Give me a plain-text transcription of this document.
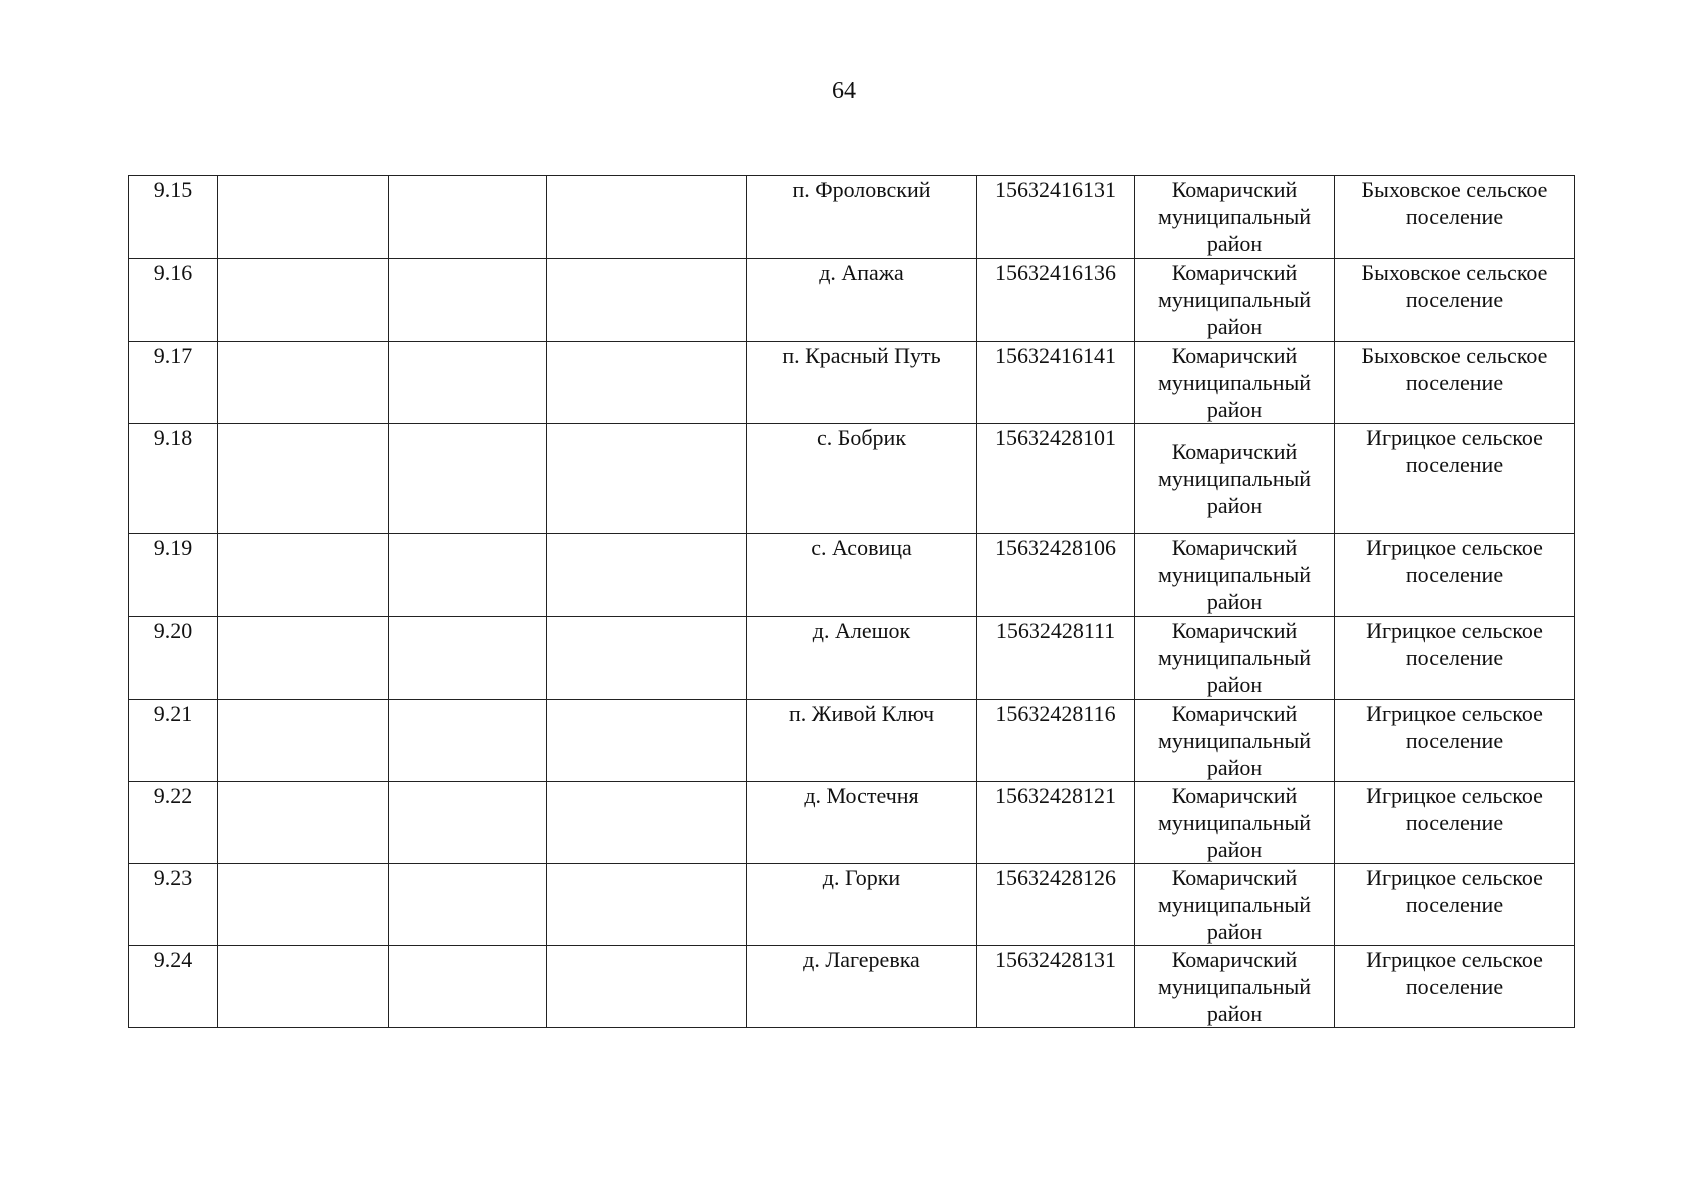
64
9.15				п. Фроловский	15632416131	Комаричский муниципальный район	Быховское сельское поселение
9.16				д. Апажа	15632416136	Комаричский муниципальный район	Быховское сельское поселение
9.17				п. Красный Путь	15632416141	Комаричский муниципальный район	Быховское сельское поселение
9.18				с. Бобрик	15632428101	Комаричский муниципальный район	Игрицкое сельское поселение
9.19				с. Асовица	15632428106	Комаричский муниципальный район	Игрицкое сельское поселение
9.20				д. Алешок	15632428111	Комаричский муниципальный район	Игрицкое сельское поселение
9.21				п. Живой Ключ	15632428116	Комаричский муниципальный район	Игрицкое сельское поселение
9.22				д. Мостечня	15632428121	Комаричский муниципальный район	Игрицкое сельское поселение
9.23				д. Горки	15632428126	Комаричский муниципальный район	Игрицкое сельское поселение
9.24				д. Лагеревка	15632428131	Комаричский муниципальный район	Игрицкое сельское поселение
